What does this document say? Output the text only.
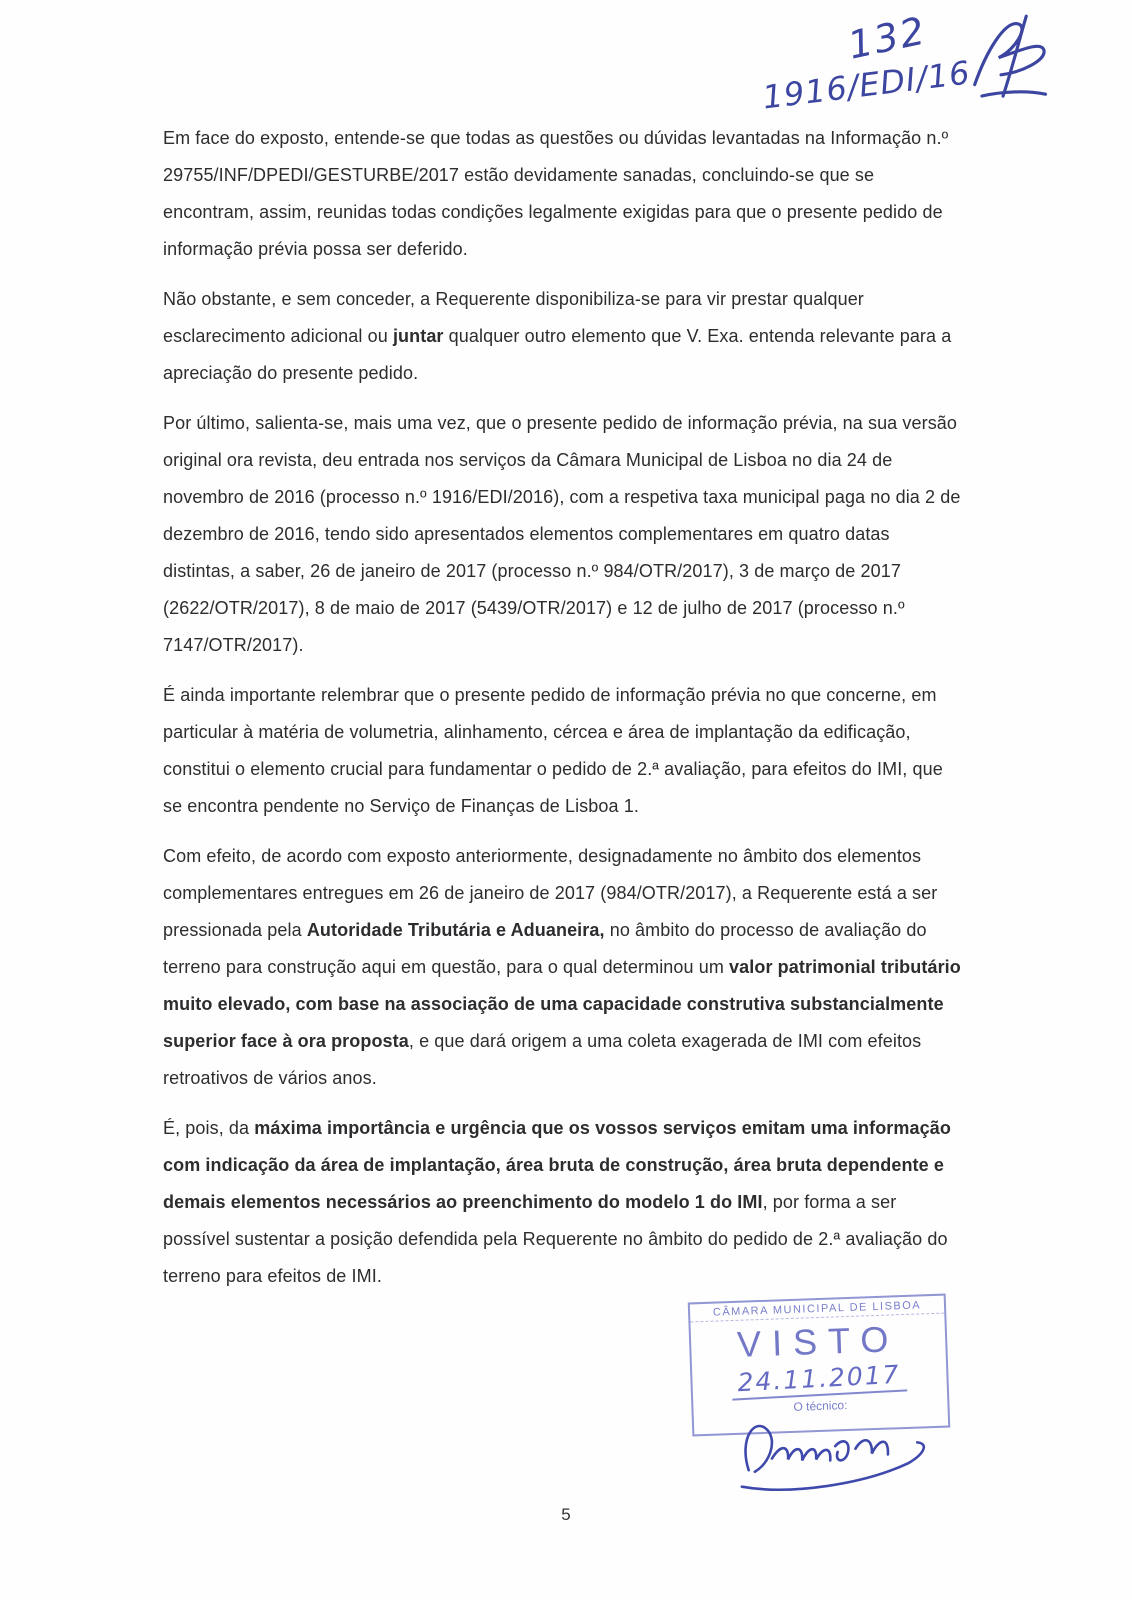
132
1916/EDI/16

Em face do exposto, entende-se que todas as questões ou dúvidas levantadas na Informação n.º 29755/INF/DPEDI/GESTURBE/2017 estão devidamente sanadas, concluindo-se que se encontram, assim, reunidas todas condições legalmente exigidas para que o presente pedido de informação prévia possa ser deferido.

Não obstante, e sem conceder, a Requerente disponibiliza-se para vir prestar qualquer esclarecimento adicional ou juntar qualquer outro elemento que V. Exa. entenda relevante para a apreciação do presente pedido.

Por último, salienta-se, mais uma vez, que o presente pedido de informação prévia, na sua versão original ora revista, deu entrada nos serviços da Câmara Municipal de Lisboa no dia 24 de novembro de 2016 (processo n.º 1916/EDI/2016), com a respetiva taxa municipal paga no dia 2 de dezembro de 2016, tendo sido apresentados elementos complementares em quatro datas distintas, a saber, 26 de janeiro de 2017 (processo n.º 984/OTR/2017), 3 de março de 2017 (2622/OTR/2017), 8 de maio de 2017 (5439/OTR/2017) e 12 de julho de 2017 (processo n.º 7147/OTR/2017).

É ainda importante relembrar que o presente pedido de informação prévia no que concerne, em particular à matéria de volumetria, alinhamento, cércea e área de implantação da edificação, constitui o elemento crucial para fundamentar o pedido de 2.ª avaliação, para efeitos do IMI, que se encontra pendente no Serviço de Finanças de Lisboa 1.

Com efeito, de acordo com exposto anteriormente, designadamente no âmbito dos elementos complementares entregues em 26 de janeiro de 2017 (984/OTR/2017), a Requerente está a ser pressionada pela Autoridade Tributária e Aduaneira, no âmbito do processo de avaliação do terreno para construção aqui em questão, para o qual determinou um valor patrimonial tributário muito elevado, com base na associação de uma capacidade construtiva substancialmente superior face à ora proposta, e que dará origem a uma coleta exagerada de IMI com efeitos retroativos de vários anos.

É, pois, da máxima importância e urgência que os vossos serviços emitam uma informação com indicação da área de implantação, área bruta de construção, área bruta dependente e demais elementos necessários ao preenchimento do modelo 1 do IMI, por forma a ser possível sustentar a posição defendida pela Requerente no âmbito do pedido de 2.ª avaliação do terreno para efeitos de IMI.

CÂMARA MUNICIPAL DE LISBOA
VISTO
24.11.2017
O técnico:
5
